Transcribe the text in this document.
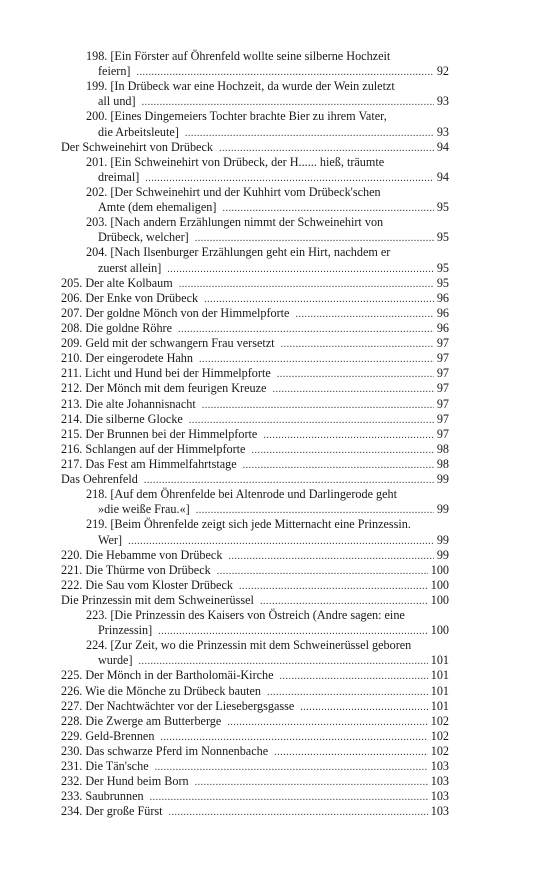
198. [Ein Förster auf Öhrenfeld wollte seine silberne Hochzeit
feiern] .....	92
199. [In Drübeck war eine Hochzeit, da wurde der Wein zuletzt
all und] .....	93
200. [Eines Dingemeiers Tochter brachte Bier zu ihrem Vater,
die Arbeitsleute] .....	93
Der Schweinehirt von Drübeck .....	94
201. [Ein Schweinehirt von Drübeck, der H...... hieß, träumte
dreimal] .....	94
202. [Der Schweinehirt und der Kuhhirt vom Drübeck'schen
Amte (dem ehemaligen] .....	95
203. [Nach andern Erzählungen nimmt der Schweinehirt von
Drübeck, welcher] .....	95
204. [Nach Ilsenburger Erzählungen geht ein Hirt, nachdem er
zuerst allein] .....	95
205. Der alte Kolbaum .....	95
206. Der Enke von Drübeck .....	96
207. Der goldne Mönch von der Himmelpforte .....	96
208. Die goldne Röhre .....	96
209. Geld mit der schwangern Frau versetzt .....	97
210. Der eingerodete Hahn .....	97
211. Licht und Hund bei der Himmelpforte .....	97
212. Der Mönch mit dem feurigen Kreuze .....	97
213. Die alte Johannisnacht .....	97
214. Die silberne Glocke .....	97
215. Der Brunnen bei der Himmelpforte .....	97
216. Schlangen auf der Himmelpforte .....	98
217. Das Fest am Himmelfahrtstage .....	98
Das Oehrenfeld .....	99
218. [Auf dem Öhrenfelde bei Altenrode und Darlingerode geht
»die weiße Frau.«] .....	99
219. [Beim Öhrenfelde zeigt sich jede Mitternacht eine Prinzessin.
Wer] .....	99
220. Die Hebamme von Drübeck .....	99
221. Die Thürme von Drübeck .....	100
222. Die Sau vom Kloster Drübeck .....	100
Die Prinzessin mit dem Schweinerüssel .....	100
223. [Die Prinzessin des Kaisers von Östreich (Andre sagen: eine
Prinzessin] .....	100
224. [Zur Zeit, wo die Prinzessin mit dem Schweinerüssel geboren
wurde] .....	101
225. Der Mönch in der Bartholomäi-Kirche .....	101
226. Wie die Mönche zu Drübeck bauten .....	101
227. Der Nachtwächter vor der Liesebergsgasse .....	101
228. Die Zwerge am Butterberge .....	102
229. Geld-Brennen .....	102
230. Das schwarze Pferd im Nonnenbache .....	102
231. Die Tän'sche .....	103
232. Der Hund beim Born .....	103
233. Saubrunnen .....	103
234. Der große Fürst .....	103
